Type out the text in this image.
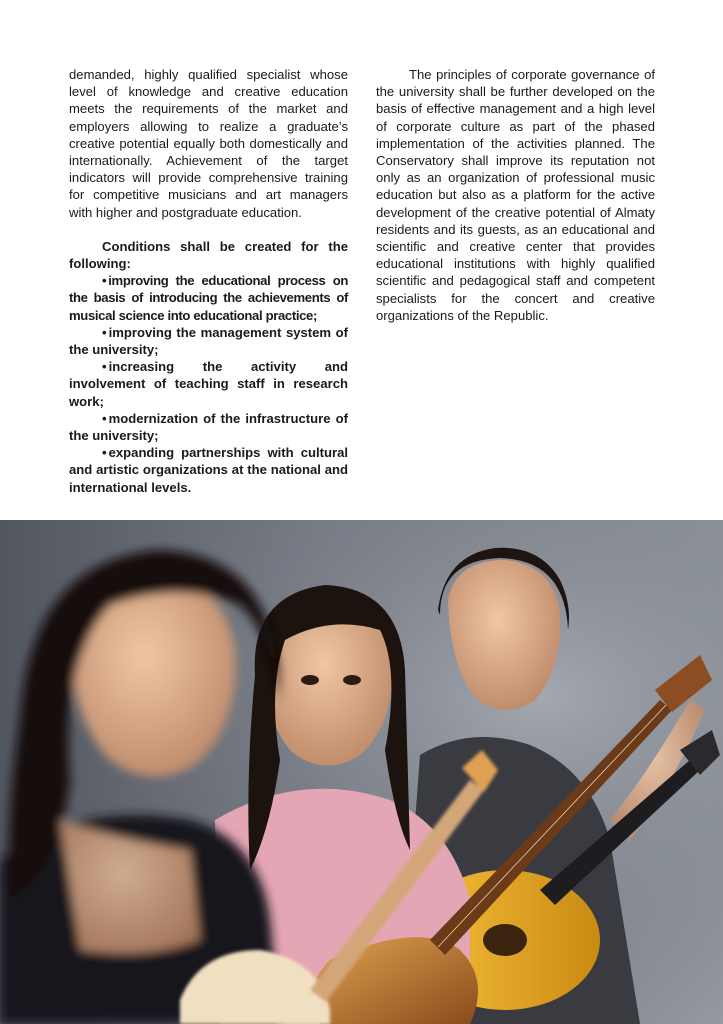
demanded, highly qualified specialist whose level of knowledge and creative education meets the requirements of the market and employers allowing to realize a graduate’s creative potential equally both domestically and internationally. Achievement of the target indicators will provide comprehensive training for competitive musicians and art managers with higher and postgraduate education.

Conditions shall be created for the following:

• improving the educational process on the basis of introducing the achievements of musical science into educational practice;

• improving the management system of the university;

• increasing the activity and involvement of teaching staff in research work;

• modernization of the infrastructure of the university;

• expanding partnerships with cultural and artistic organizations at the national and international levels.

The principles of corporate governance of the university shall be further developed on the basis of effective management and a high level of corporate culture as part of the phased implementation of the activities planned. The Conservatory shall improve its reputation not only as an organization of professional music education but also as a platform for the active development of the creative potential of Almaty residents and its guests, as an educational and scientific and creative center that provides educational institutions with highly qualified scientific and pedagogical staff and competent specialists for the concert and creative organizations of the Republic.
